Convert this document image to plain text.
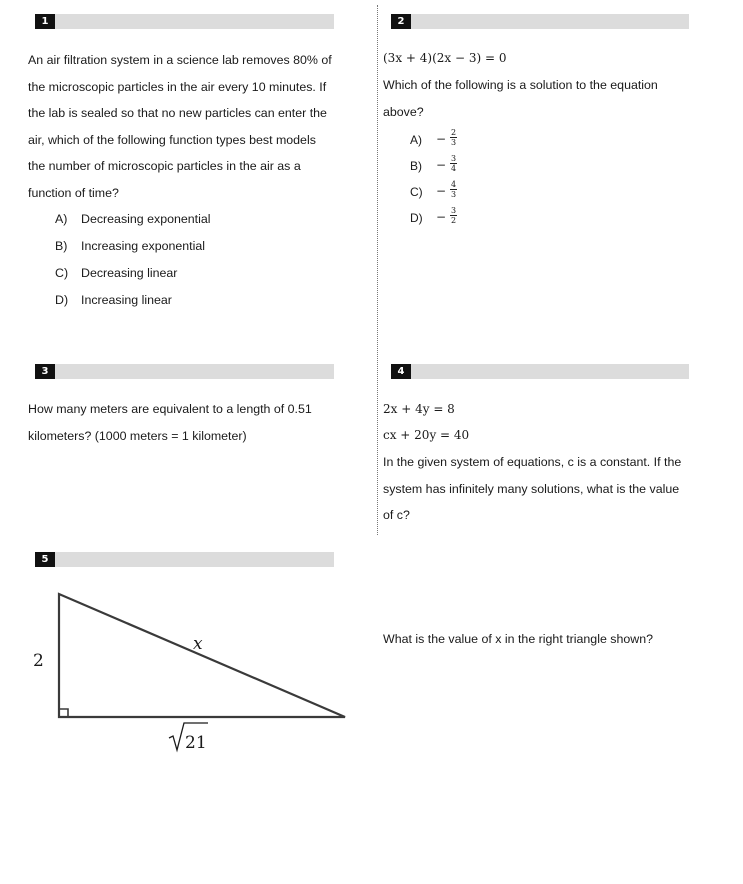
1
An air filtration system in a science lab removes 80% of
the microscopic particles in the air every 10 minutes. If
the lab is sealed so that no new particles can enter the
air, which of the following function types best models
the number of microscopic particles in the air as a
function of time?
A) Decreasing exponential
B) Increasing exponential
C) Decreasing linear
D) Increasing linear
2
(3x + 4)(2x − 3) = 0
Which of the following is a solution to the equation
above?
$A) - \frac{2}{3}$
$B) - \frac{3}{4}$
$C) - \frac{4}{3}$
$D) - \frac{3}{2}$
3
How many meters are equivalent to a length of 0.51
kilometers? (1000 meters = 1 kilometer)
4
2x + 4y = 8
cx + 20y = 40
In the given system of equations, c is a constant. If the
system has infinitely many solutions, what is the value
of c?
5
2
x
21
What is the value of x in the right triangle shown?
